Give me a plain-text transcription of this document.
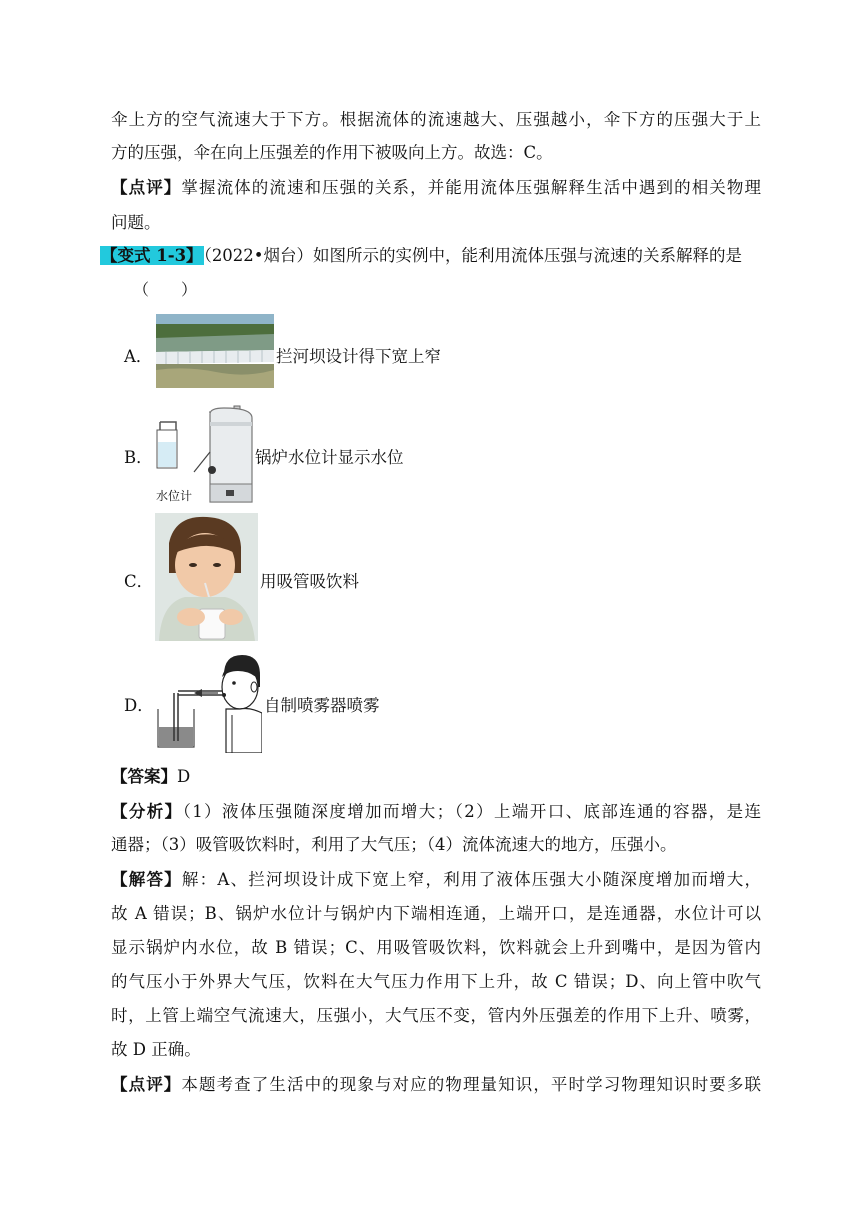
伞上方的空气流速大于下方。根据流体的流速越大、压强越小，伞下方的压强大于上
方的压强，伞在向上压强差的作用下被吸向上方。故选：C。
【点评】掌握流体的流速和压强的关系，并能用流体压强解释生活中遇到的相关物理
问题。
【变式 1-3】（2022•烟台）如图所示的实例中，能利用流体压强与流速的关系解释的是
（　　）
A．	拦河坝设计得下宽上窄
B．
水位计
锅炉水位计显示水位
C．	用吸管吸饮料
D．	自制喷雾器喷雾
【答案】D
【分析】（1）液体压强随深度增加而增大；（2）上端开口、底部连通的容器，是连
通器；（3）吸管吸饮料时，利用了大气压；（4）流体流速大的地方，压强小。
【解答】解：A、拦河坝设计成下宽上窄，利用了液体压强大小随深度增加而增大，
故 A 错误；B、锅炉水位计与锅炉内下端相连通，上端开口，是连通器，水位计可以
显示锅炉内水位，故 B 错误；C、用吸管吸饮料，饮料就会上升到嘴中，是因为管内
的气压小于外界大气压，饮料在大气压力作用下上升，故 C 错误；D、向上管中吹气
时，上管上端空气流速大，压强小，大气压不变，管内外压强差的作用下上升、喷雾，
故 D 正确。
【点评】本题考查了生活中的现象与对应的物理量知识，平时学习物理知识时要多联
